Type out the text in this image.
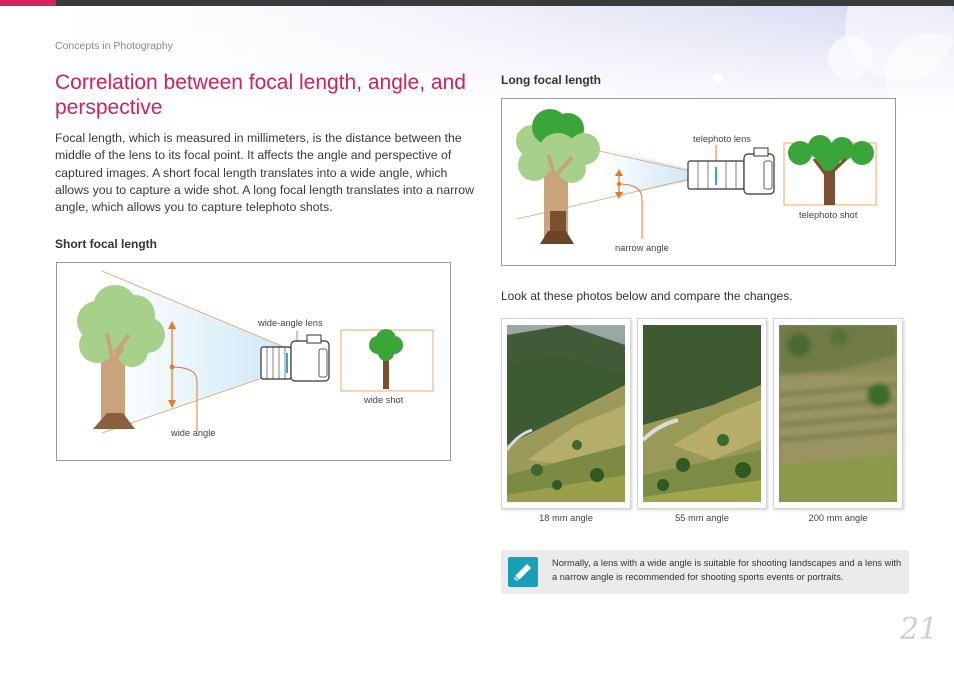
Concepts in Photography
Correlation between focal length, angle, and perspective

Focal length, which is measured in millimeters, is the distance between the middle of the lens to its focal point. It affects the angle and perspective of captured images. A short focal length translates into a wide angle, which allows you to capture a wide shot. A long focal length translates into a narrow angle, which allows you to capture telephoto shots.

Short focal length
wide-angle lens
wide shot
wide angle
Long focal length
telephoto lens
telephoto shot
narrow angle
Look at these photos below and compare the changes.
18 mm angle	55 mm angle	200 mm angle
Normally, a lens with a wide angle is suitable for shooting landscapes and a lens with a narrow angle is recommended for shooting sports events or portraits.
21
